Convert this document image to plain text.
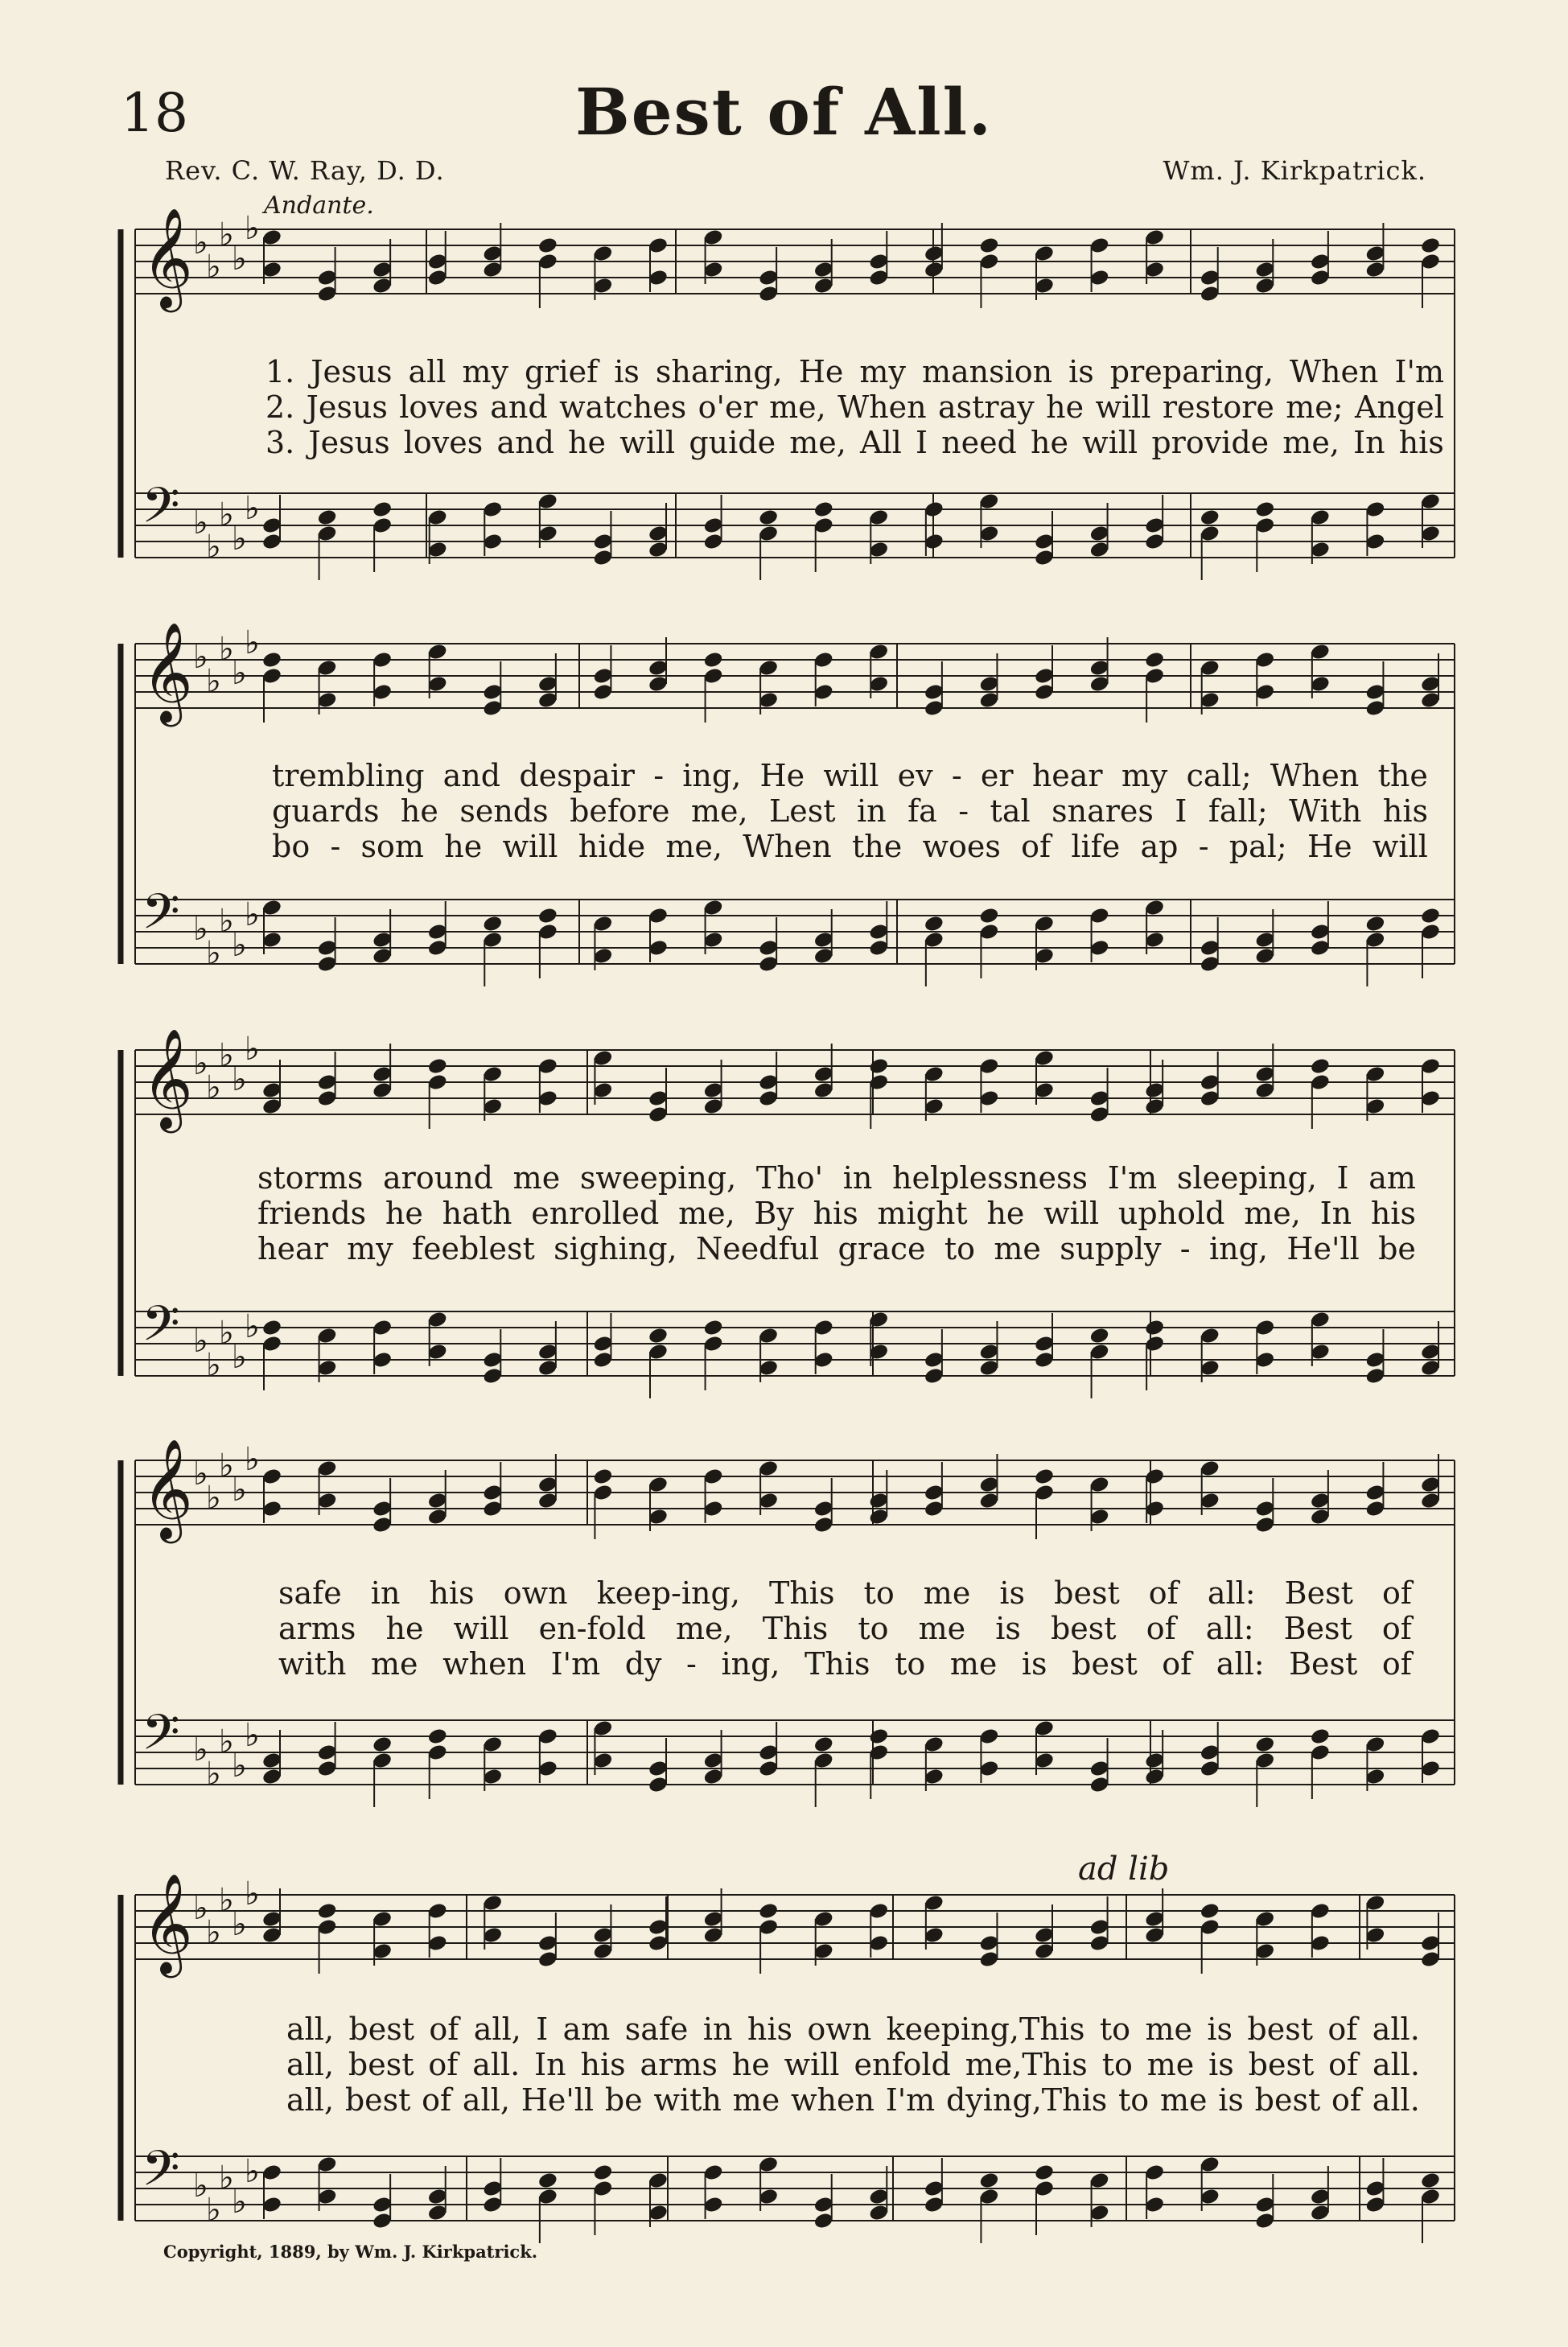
18	Best of All.
Rev. C. W. Ray, D. D.	Wm. J. Kirkpatrick.
Andante.
𝄞 ♭
♭
♭
♭
♭
𝄢 ♭
♭
♭
♭
♭
1. Jesus all my grief is sharing, He my mansion is preparing, When I'm
2. Jesus loves and watches o'er me, When astray he will restore me; Angel
3. Jesus loves and he will guide me, All I need he will provide me, In his
𝄞 ♭
♭
♭
♭
♭
𝄢 ♭
♭
♭
♭
♭
trembling and despair - ing, He will ev - er hear my call; When the
guards he sends before me, Lest in fa - tal snares I fall; With his
bo - som he will hide me, When the woes of life ap - pal; He will
𝄞 ♭
♭
♭
♭
♭
𝄢 ♭
♭
♭
♭
♭
storms around me sweeping, Tho' in helplessness I'm sleeping, I am
friends he hath enrolled me, By his might he will uphold me, In his
hear my feeblest sighing, Needful grace to me supply - ing, He'll be
𝄞 ♭
♭
♭
♭
♭
𝄢 ♭
♭
♭
♭
♭
safe in his own keep-ing, This to me is best of all: Best of
arms he will en-fold me, This to me is best of all: Best of
with me when I'm dy - ing, This to me is best of all: Best of
𝄞 ♭
♭
♭
♭
♭
𝄢 ♭
♭
♭
♭
♭
all, best of all, I am safe in his own keeping,This to me is best of all.
all, best of all. In his arms he will enfold me,This to me is best of all.
all, best of all, He'll be with me when I'm dying,This to me is best of all.
ad lib
Copyright, 1889, by Wm. J. Kirkpatrick.
